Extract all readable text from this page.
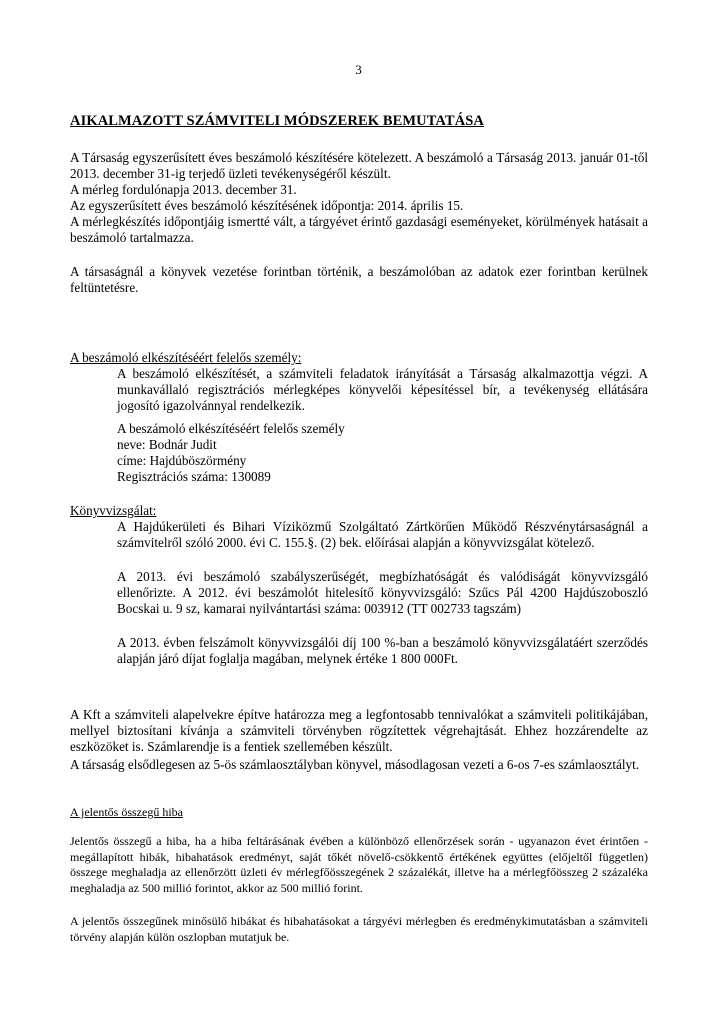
3
AIKALMAZOTT SZÁMVITELI MÓDSZEREK BEMUTATÁSA

A Társaság egyszerűsített éves beszámoló készítésére kötelezett. A beszámoló a Társaság 2013. január 01-től 2013. december 31-ig terjedő üzleti tevékenységéről készült.

A mérleg fordulónapja 2013. december 31.

Az egyszerűsített éves beszámoló készítésének időpontja: 2014. április 15.

A mérlegkészítés időpontjáig ismertté vált, a tárgyévet érintő gazdasági eseményeket, körülmények hatásait a beszámoló tartalmazza.

A társaságnál a könyvek vezetése forintban történik, a beszámolóban az adatok ezer forintban kerülnek feltüntetésre.
A beszámoló elkészítéséért felelős személy:
A beszámoló elkészítését, a számviteli feladatok irányítását a Társaság alkalmazottja végzi. A munkavállaló regisztrációs mérlegképes könyvelői képesítéssel bír, a tevékenység ellátására jogosító igazolvánnyal rendelkezik.

A beszámoló elkészítéséért felelős személy

neve: Bodnár Judit

címe: Hajdúböszörmény

Regisztrációs száma: 130089

Könyvvizsgálat:
A Hajdúkerületi és Bihari Víziközmű Szolgáltató Zártkörűen Működő Részvénytársaságnál a számvitelről szóló 2000. évi C. 155.§. (2) bek. előírásai alapján a könyvvizsgálat kötelező.
A 2013. évi beszámoló szabályszerűségét, megbízhatóságát és valódiságát könyvvizsgáló ellenőrizte. A 2012. évi beszámolót hitelesítő könyvvizsgáló: Szűcs Pál 4200 Hajdúszoboszló Bocskai u. 9 sz, kamarai nyilvántartási száma: 003912 (TT 002733 tagszám)
A 2013. évben felszámolt könyvvizsgálói díj 100 %-ban a beszámoló könyvvizsgálatáért szerződés alapján járó díjat foglalja magában, melynek értéke 1 800 000Ft.
A Kft a számviteli alapelvekre építve határozza meg a legfontosabb tennivalókat a számviteli politikájában, mellyel biztosítani kívánja a számviteli törvényben rögzítettek végrehajtását. Ehhez hozzárendelte az eszközöket is. Számlarendje is a fentiek szellemében készült.
A társaság elsődlegesen az 5-ös számlaosztályban könyvel, másodlagosan vezeti a 6-os 7-es számlaosztályt.
A jelentős összegű hiba
Jelentős összegű a hiba, ha a hiba feltárásának évében a különböző ellenőrzések során - ugyanazon évet érintően - megállapított hibák, hibahatások eredményt, saját tőkét növelő-csökkentő értékének együttes (előjeltől független) összege meghaladja az ellenőrzött üzleti év mérlegfőösszegének 2 százalékát, illetve ha a mérlegfőösszeg 2 százaléka meghaladja az 500 millió forintot, akkor az 500 millió forint.
A jelentős összegűnek minősülő hibákat és hibahatásokat a tárgyévi mérlegben és eredménykimutatásban a számviteli törvény alapján külön oszlopban mutatjuk be.
